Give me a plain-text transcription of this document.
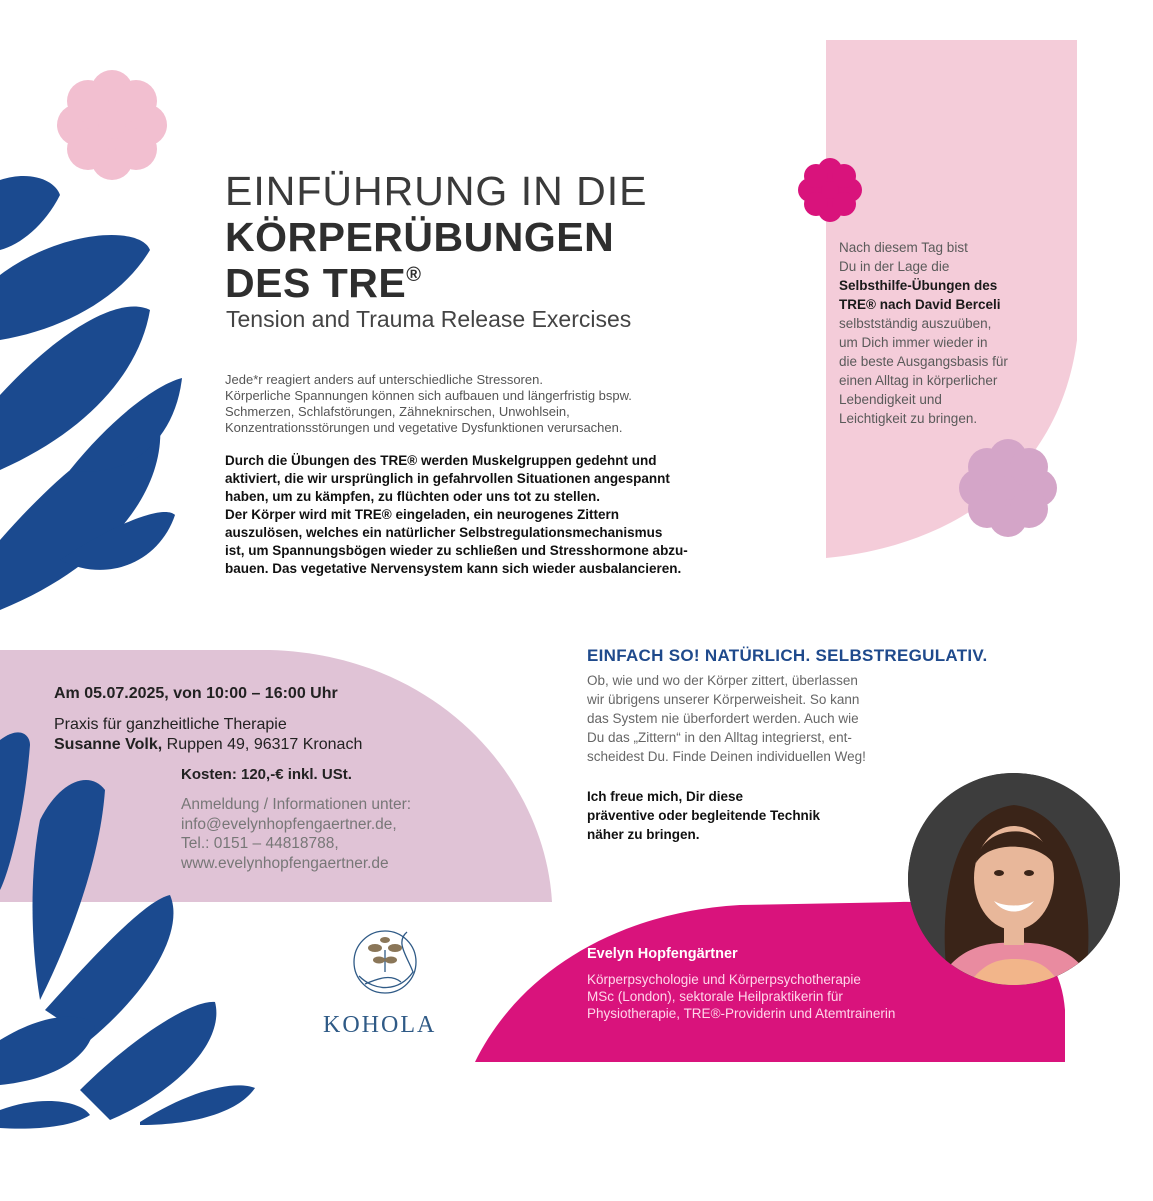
EINFÜHRUNG IN DIE
KÖRPERÜBUNGEN
DES TRE®
Tension and Trauma Release Exercises
Jede*r reagiert anders auf unterschiedliche Stressoren.
Körperliche Spannungen können sich aufbauen und längerfristig bspw.
Schmerzen, Schlafstörungen, Zähneknirschen, Unwohlsein,
Konzentrationsstörungen und vegetative Dysfunktionen verursachen.
Durch die Übungen des TRE® werden Muskelgruppen gedehnt und
aktiviert, die wir ursprünglich in gefahrvollen Situationen angespannt
haben, um zu kämpfen, zu flüchten oder uns tot zu stellen.
Der Körper wird mit TRE® eingeladen, ein neurogenes Zittern
auszulösen, welches ein natürlicher Selbstregulationsmechanismus
ist, um Spannungsbögen wieder zu schließen und Stresshormone abzu-
bauen. Das vegetative Nervensystem kann sich wieder ausbalancieren.
Nach diesem Tag bist
Du in der Lage die
Selbsthilfe-Übungen des
TRE® nach David Berceli
selbstständig auszuüben,
um Dich immer wieder in
die beste Ausgangsbasis für
einen Alltag in körperlicher
Lebendigkeit und
Leichtigkeit zu bringen.
Am 05.07.2025, von 10:00 – 16:00 Uhr
Praxis für ganzheitliche Therapie
Susanne Volk, Ruppen 49, 96317 Kronach
Kosten: 120,-€ inkl. USt.
Anmeldung / Informationen unter:
info@evelynhopfengaertner.de,
Tel.: 0151 – 44818788,
www.evelynhopfengaertner.de
EINFACH SO! NATÜRLICH. SELBSTREGULATIV.
Ob, wie und wo der Körper zittert, überlassen
wir übrigens unserer Körperweisheit. So kann
das System nie überfordert werden. Auch wie
Du das „Zittern“ in den Alltag integrierst, ent-
scheidest Du. Finde Deinen individuellen Weg!
Ich freue mich, Dir diese
präventive oder begleitende Technik
näher zu bringen.
Evelyn Hopfengärtner
Körperpsychologie und Körperpsychotherapie
MSc (London), sektorale Heilpraktikerin für
Physiotherapie, TRE®-Providerin und Atemtrainerin
KOHOLA
